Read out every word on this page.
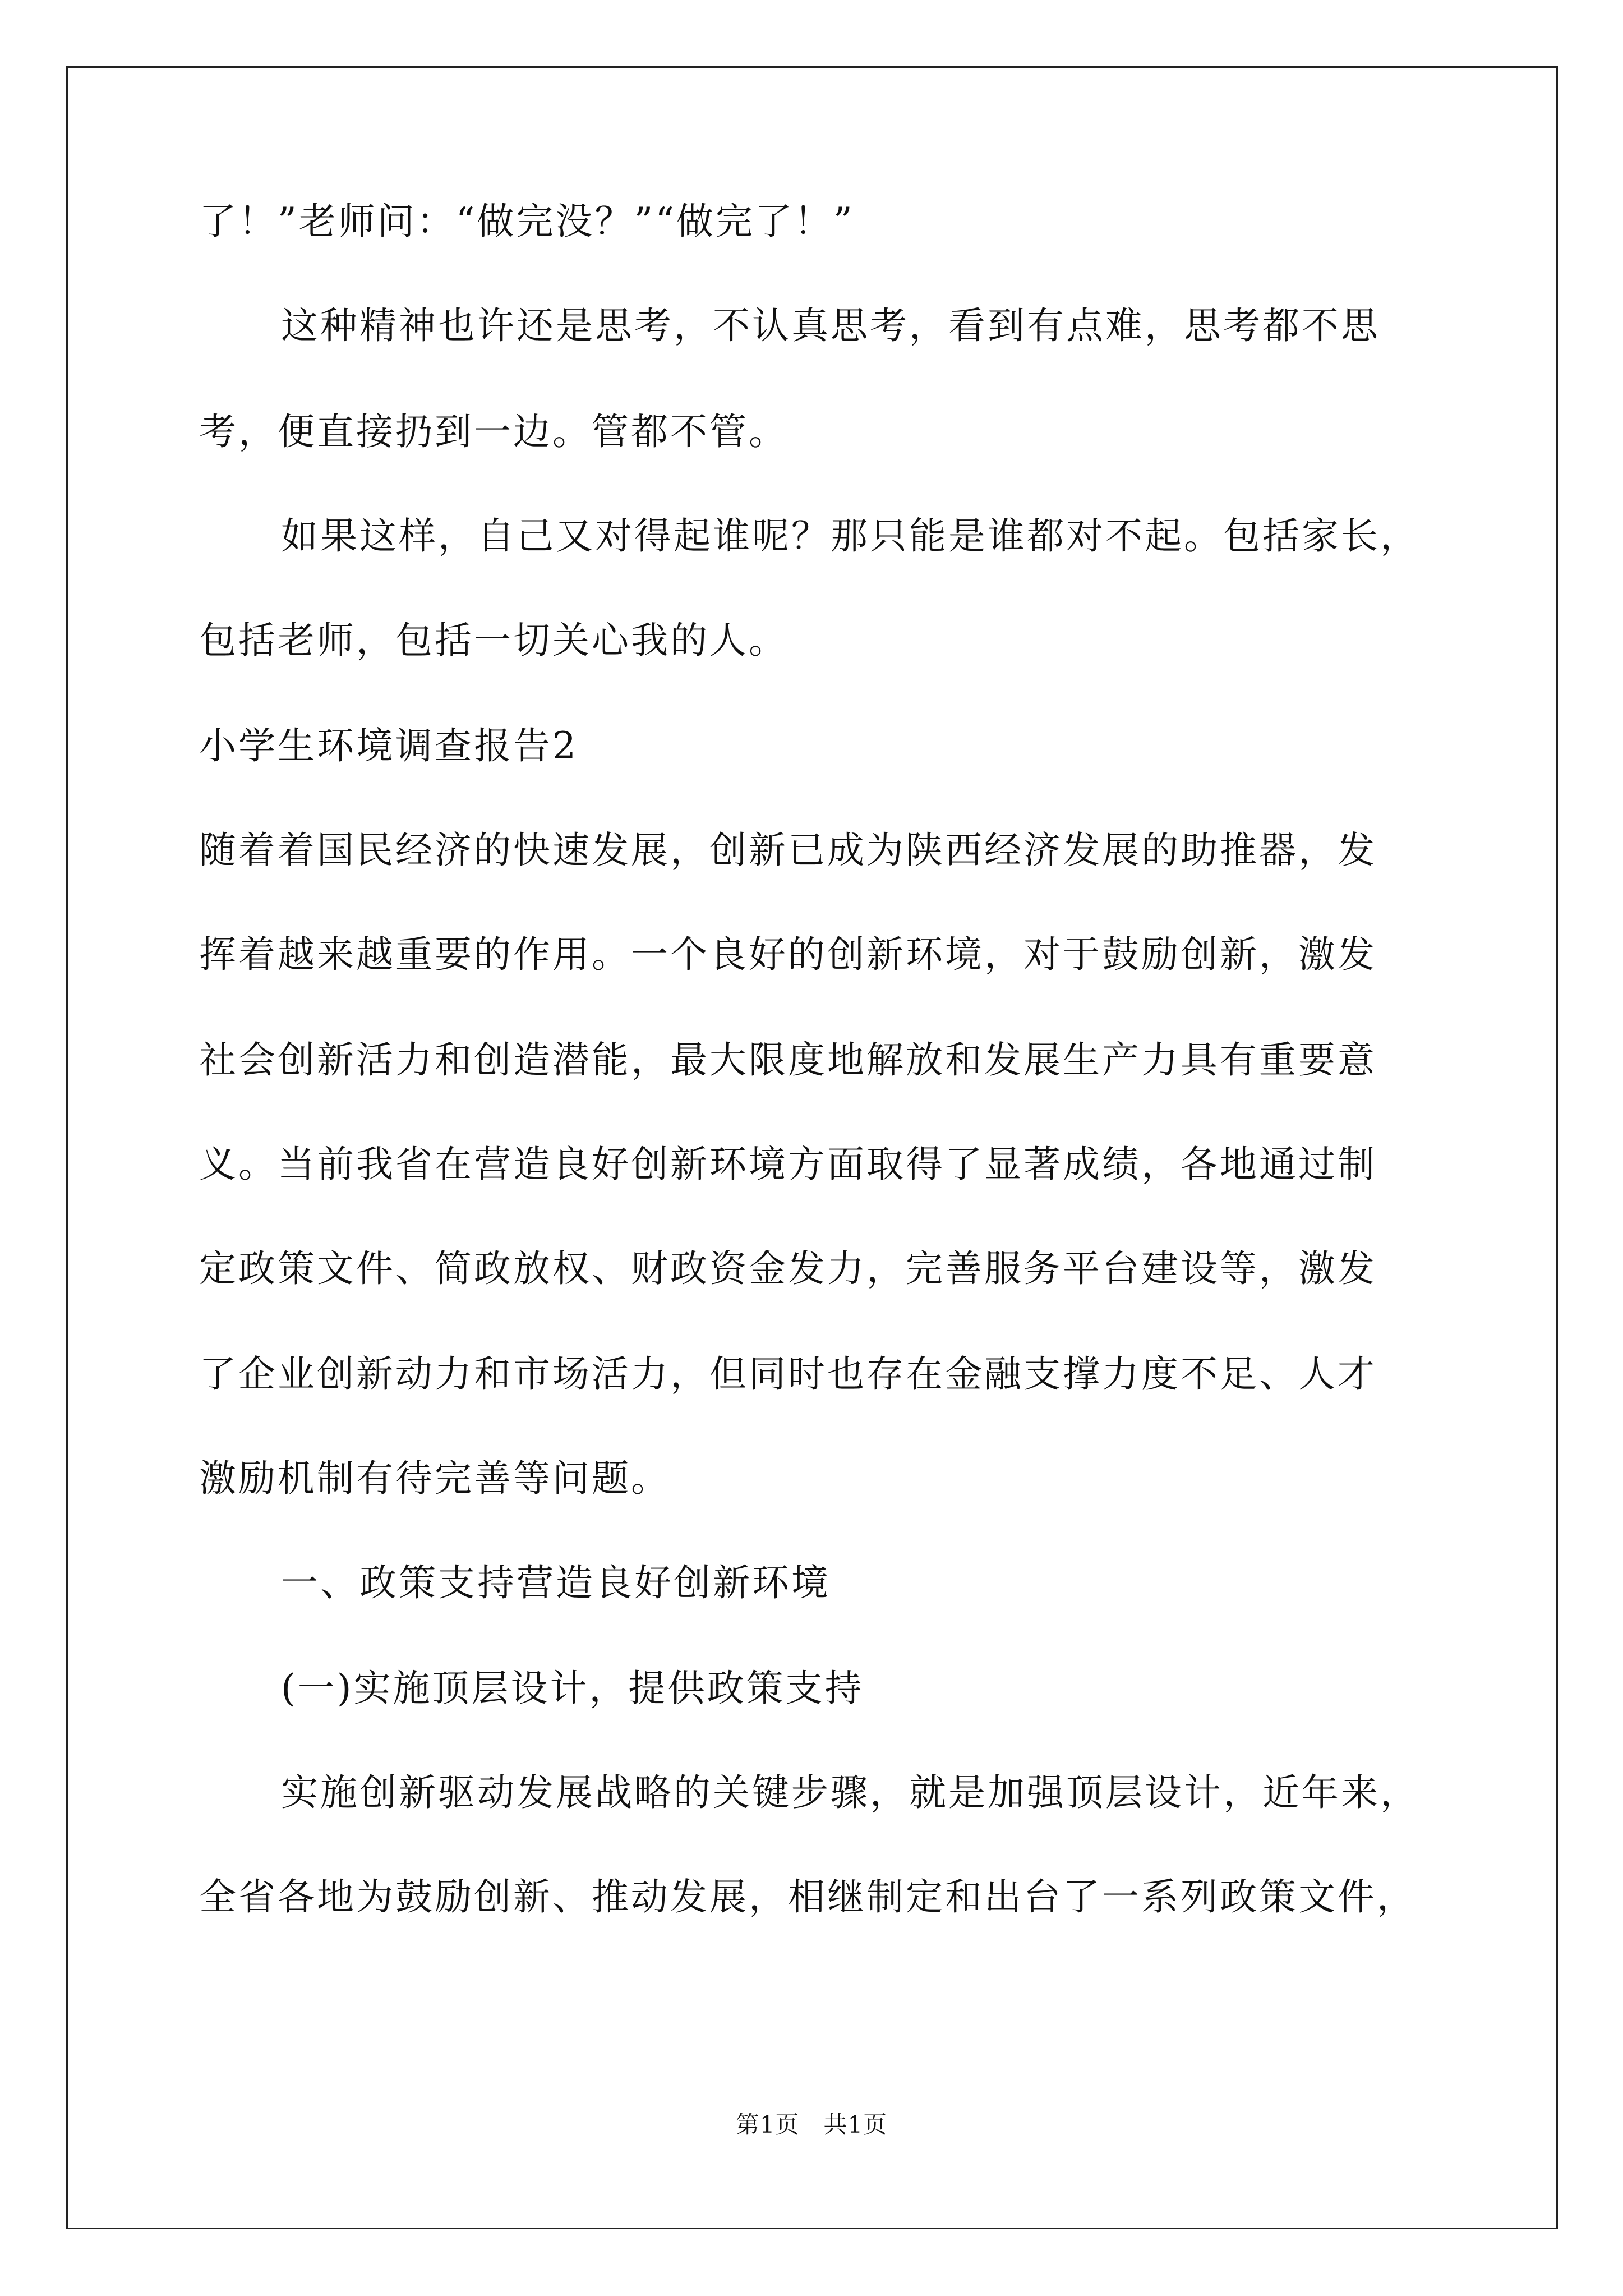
了！”老师问：“做完没？”“做完了！”
这种精神也许还是思考，不认真思考，看到有点难，思考都不思
考，便直接扔到一边。管都不管。
如果这样，自己又对得起谁呢？那只能是谁都对不起。包括家长，
包括老师，包括一切关心我的人。
小学生环境调查报告2
随着着国民经济的快速发展，创新已成为陕西经济发展的助推器，发
挥着越来越重要的作用。一个良好的创新环境，对于鼓励创新，激发
社会创新活力和创造潜能，最大限度地解放和发展生产力具有重要意
义。当前我省在营造良好创新环境方面取得了显著成绩，各地通过制
定政策文件、简政放权、财政资金发力，完善服务平台建设等，激发
了企业创新动力和市场活力，但同时也存在金融支撑力度不足、人才
激励机制有待完善等问题。
一、政策支持营造良好创新环境
(一)实施顶层设计，提供政策支持
实施创新驱动发展战略的关键步骤，就是加强顶层设计，近年来，
全省各地为鼓励创新、推动发展，相继制定和出台了一系列政策文件，
第1页　共1页
